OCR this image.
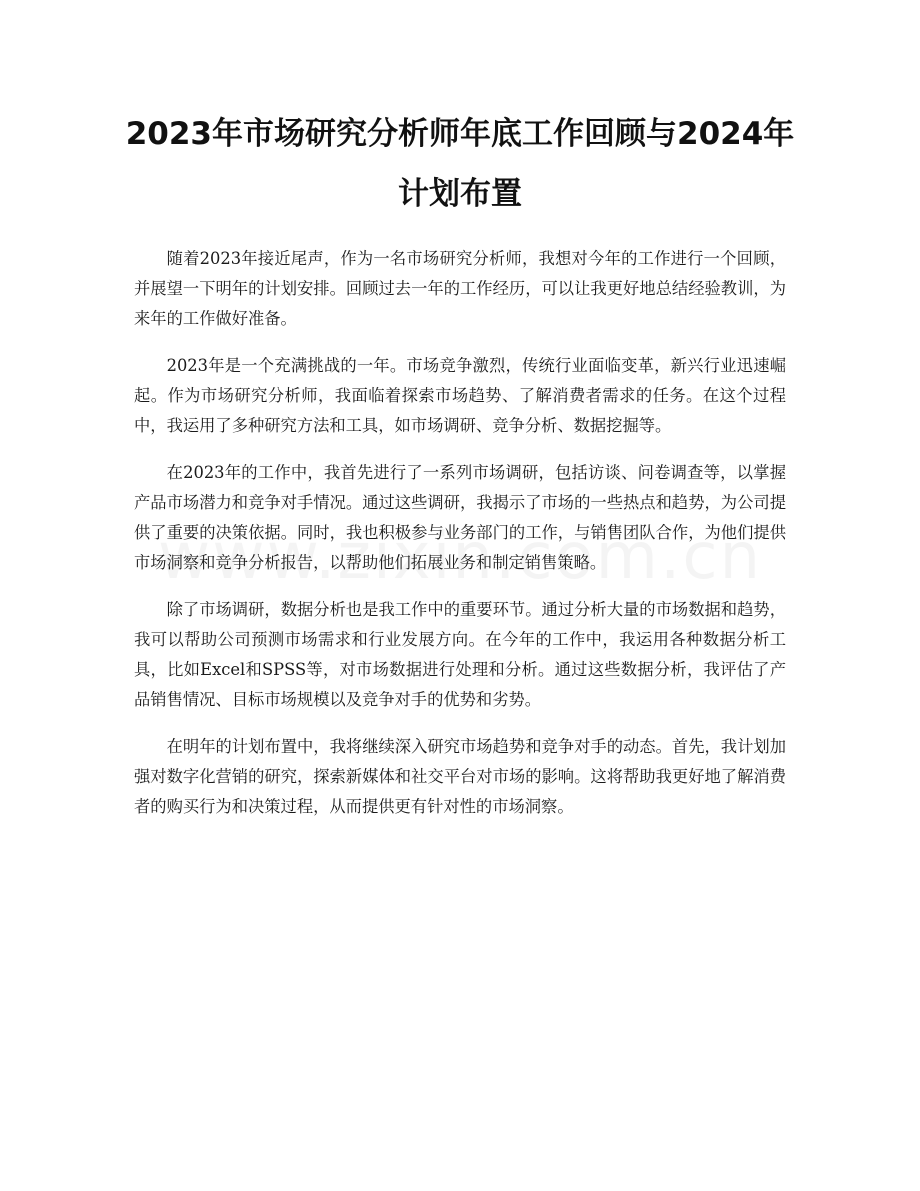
2023年市场研究分析师年底工作回顾与2024年计划布置

随着2023年接近尾声，作为一名市场研究分析师，我想对今年的工作进行一个回顾，并展望一下明年的计划安排。回顾过去一年的工作经历，可以让我更好地总结经验教训，为来年的工作做好准备。

2023年是一个充满挑战的一年。市场竞争激烈，传统行业面临变革，新兴行业迅速崛起。作为市场研究分析师，我面临着探索市场趋势、了解消费者需求的任务。在这个过程中，我运用了多种研究方法和工具，如市场调研、竞争分析、数据挖掘等。

在2023年的工作中，我首先进行了一系列市场调研，包括访谈、问卷调查等，以掌握产品市场潜力和竞争对手情况。通过这些调研，我揭示了市场的一些热点和趋势，为公司提供了重要的决策依据。同时，我也积极参与业务部门的工作，与销售团队合作，为他们提供市场洞察和竞争分析报告，以帮助他们拓展业务和制定销售策略。

除了市场调研，数据分析也是我工作中的重要环节。通过分析大量的市场数据和趋势，我可以帮助公司预测市场需求和行业发展方向。在今年的工作中，我运用各种数据分析工具，比如Excel和SPSS等，对市场数据进行处理和分析。通过这些数据分析，我评估了产品销售情况、目标市场规模以及竞争对手的优势和劣势。

在明年的计划布置中，我将继续深入研究市场趋势和竞争对手的动态。首先，我计划加强对数字化营销的研究，探索新媒体和社交平台对市场的影响。这将帮助我更好地了解消费者的购买行为和决策过程，从而提供更有针对性的市场洞察。
